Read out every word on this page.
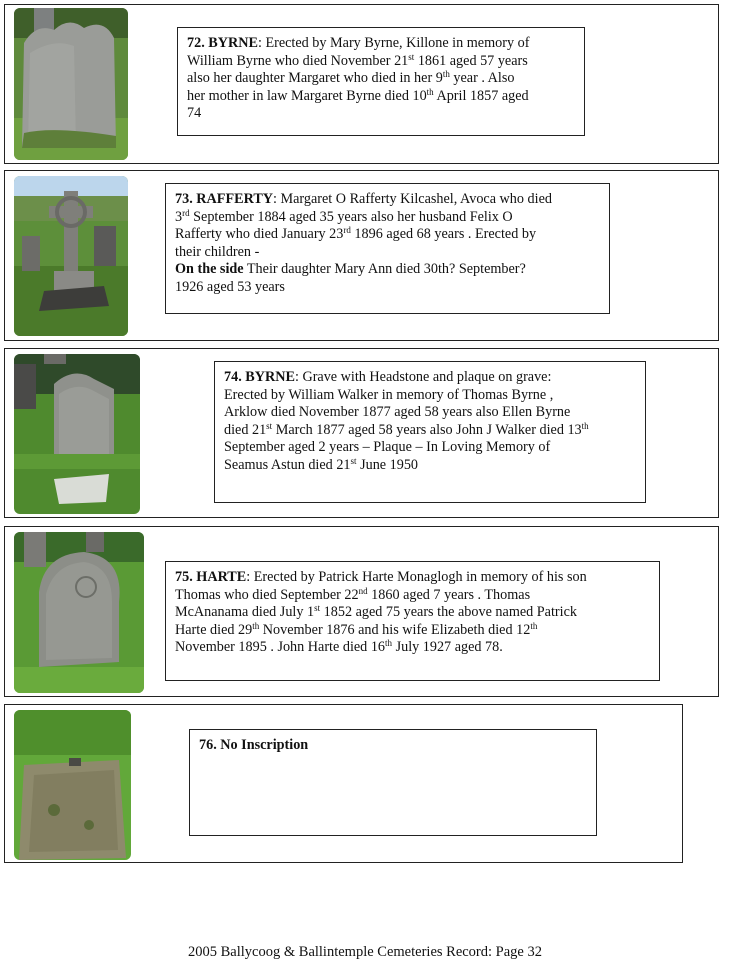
72. BYRNE: Erected by Mary Byrne, Killone in memory of
William Byrne who died November 21st 1861 aged 57 years
also her daughter Margaret who died in her 9th year . Also
her mother in law Margaret Byrne died 10th April 1857 aged
74
73. RAFFERTY: Margaret O Rafferty Kilcashel, Avoca who died
3rd September 1884 aged 35 years also her husband Felix O
Rafferty who died January 23rd 1896 aged 68 years . Erected by
their children -
On the side Their daughter Mary Ann died 30th? September?
1926 aged 53 years
74. BYRNE: Grave with Headstone and plaque on grave:
Erected by William Walker in memory of Thomas Byrne ,
Arklow died November 1877 aged 58 years also Ellen Byrne
died 21st March 1877 aged 58 years also John J Walker died 13th
September aged 2 years – Plaque – In Loving Memory of
Seamus Astun died 21st June 1950
75. HARTE: Erected by Patrick Harte Monaglogh in memory of his son
Thomas who died September 22nd 1860 aged 7 years . Thomas
McAnanama died July 1st 1852 aged 75 years the above named Patrick
Harte died 29th November 1876 and his wife Elizabeth died 12th
November 1895 . John Harte died 16th July 1927 aged 78.
76. No Inscription
2005 Ballycoog & Ballintemple Cemeteries Record: Page 32
